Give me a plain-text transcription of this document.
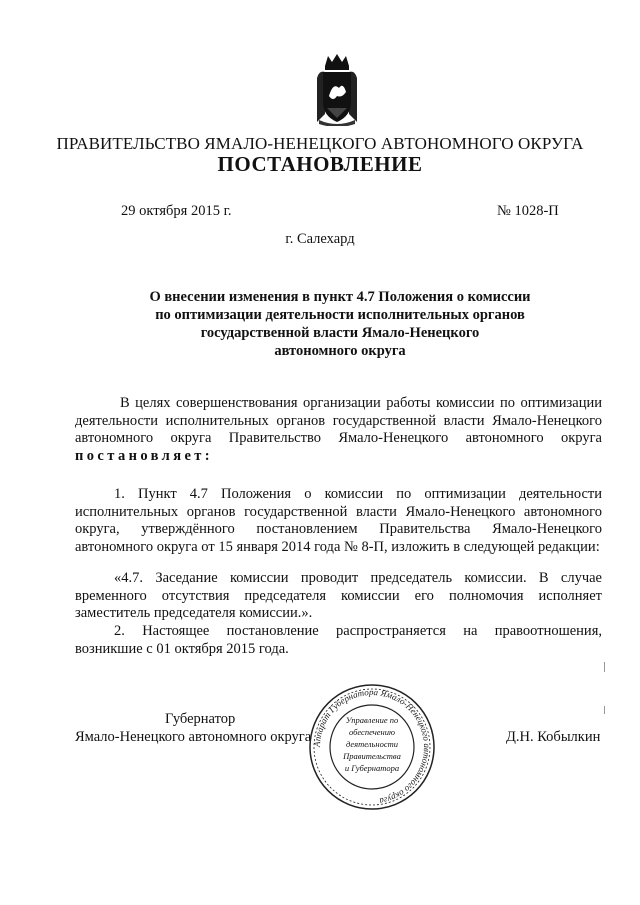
ПРАВИТЕЛЬСТВО ЯМАЛО-НЕНЕЦКОГО АВТОНОМНОГО ОКРУГА
ПОСТАНОВЛЕНИЕ
29 октября 2015 г.	№ 1028-П
г. Салехард
О внесении изменения в пункт 4.7 Положения о комиссии
по оптимизации деятельности исполнительных органов
государственной власти Ямало-Ненецкого
автономного округа
В целях совершенствования организации работы комиссии по оптимизации деятельности исполнительных органов государственной власти Ямало-Ненецкого автономного округа Правительство Ямало-Ненецкого автономного округа постановляет:
1. Пункт 4.7 Положения о комиссии по оптимизации деятельности исполнительных органов государственной власти Ямало-Ненецкого автономного округа, утверждённого постановлением Правительства Ямало-Ненецкого автономного округа от 15 января 2014 года № 8-П, изложить в следующей редакции:
«4.7. Заседание комиссии проводит председатель комиссии. В случае временного отсутствия председателя комиссии его полномочия исполняет заместитель председателя комиссии.».
2. Настоящее постановление распространяется на правоотношения, возникшие с 01 октября 2015 года.
Губернатор
Ямало-Ненецкого автономного округа Аппарат Губернатора Ямало-Ненецкого автономного округа
Управление по
обеспечению
деятельности
Правительства
и Губернатора
Д.Н. Кобылкин
